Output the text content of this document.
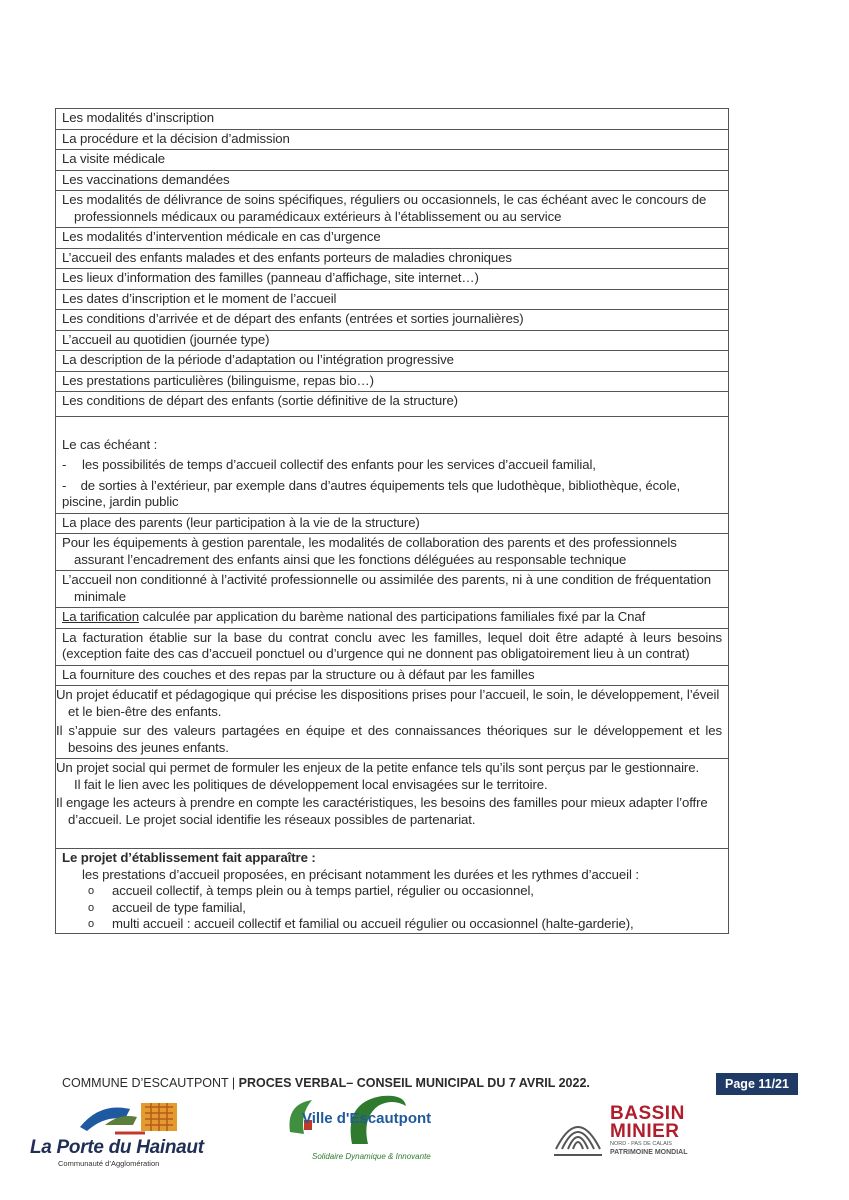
Les modalités d’inscription
La procédure et la décision d’admission
La visite médicale
Les vaccinations demandées
Les modalités de délivrance de soins spécifiques, réguliers ou occasionnels, le cas échéant avec le concours de professionnels médicaux ou paramédicaux extérieurs à l’établissement ou au service
Les modalités d’intervention médicale en cas d’urgence
L’accueil des enfants malades et des enfants porteurs de maladies chroniques
Les lieux d’information des familles (panneau d’affichage, site internet…)
Les dates d’inscription et le moment de l’accueil
Les conditions d’arrivée et de départ des enfants (entrées et sorties journalières)
L’accueil au quotidien (journée type)
La description de la période d’adaptation ou l’intégration progressive
Les prestations particulières (bilinguisme, repas bio…)
Les conditions de départ des enfants (sortie définitive de la structure)
Le cas échéant :
- les possibilités de temps d’accueil collectif des enfants pour les services d’accueil familial,
- de sorties à l’extérieur, par exemple dans d’autres équipements tels que ludothèque, bibliothèque, école, piscine, jardin public
La place des parents (leur participation à la vie de la structure)
Pour les équipements à gestion parentale, les modalités de collaboration des parents et des professionnels assurant l’encadrement des enfants ainsi que les fonctions déléguées au responsable technique
L’accueil non conditionné à l’activité professionnelle ou assimilée des parents, ni à une condition de fréquentation minimale
La tarification calculée par application du barème national des participations familiales fixé par la Cnaf
La facturation établie sur la base du contrat conclu avec les familles, lequel doit être adapté à leurs besoins (exception faite des cas d’accueil ponctuel ou d’urgence qui ne donnent pas obligatoirement lieu à un contrat)
La fourniture des couches et des repas par la structure ou à défaut par les familles
Un projet éducatif et pédagogique qui précise les dispositions prises pour l’accueil, le soin, le développement, l’éveil et le bien-être des enfants.
Il s’appuie sur des valeurs partagées en équipe et des connaissances théoriques sur le développement et les besoins des jeunes enfants.
Un projet social qui permet de formuler les enjeux de la petite enfance tels qu’ils sont perçus par le gestionnaire.
Il fait le lien avec les politiques de développement local envisagées sur le territoire.
Il engage les acteurs à prendre en compte les caractéristiques, les besoins des familles pour mieux adapter l’offre d’accueil. Le projet social identifie les réseaux possibles de partenariat.
Le projet d’établissement fait apparaître :
les prestations d’accueil proposées, en précisant notamment les durées et les rythmes d’accueil :
o accueil collectif, à temps plein ou à temps partiel, régulier ou occasionnel,
o accueil de type familial,
o multi accueil : accueil collectif et familial ou accueil régulier ou occasionnel (halte-garderie),
COMMUNE D’ESCAUTPONT | PROCES VERBAL– CONSEIL MUNICIPAL DU 7 AVRIL 2022.	Page 11/21
La Porte du Hainaut
Communauté d’Agglomération
Ville d'Escautpont
Solidaire Dynamique & Innovante
BASSIN
MINIER
NORD - PAS DE CALAIS
PATRIMOINE MONDIAL
